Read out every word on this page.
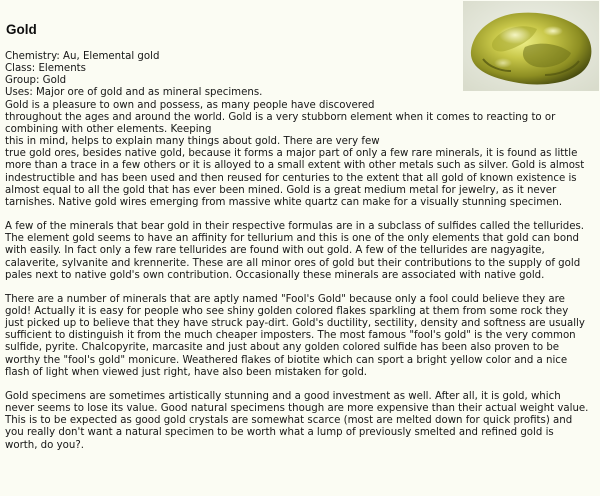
Gold

Chemistry: Au, Elemental gold

Class: Elements

Group: Gold

Uses: Major ore of gold and as mineral specimens.

Gold is a pleasure to own and possess, as many people have discovered

throughout the ages and around the world. Gold is a very stubborn element when it comes to reacting to or

combining with other elements. Keeping

this in mind, helps to explain many things about gold. There are very few

true gold ores, besides native gold, because it forms a major part of only a few rare minerals, it is found as little

more than a trace in a few others or it is alloyed to a small extent with other metals such as silver. Gold is almost

indestructible and has been used and then reused for centuries to the extent that all gold of known existence is

almost equal to all the gold that has ever been mined. Gold is a great medium metal for jewelry, as it never

tarnishes. Native gold wires emerging from massive white quartz can make for a visually stunning specimen.

A few of the minerals that bear gold in their respective formulas are in a subclass of sulfides called the tellurides.

The element gold seems to have an affinity for tellurium and this is one of the only elements that gold can bond

with easily. In fact only a few rare tellurides are found with out gold. A few of the tellurides are nagyagite,

calaverite, sylvanite and krennerite. These are all minor ores of gold but their contributions to the supply of gold

pales next to native gold's own contribution. Occasionally these minerals are associated with native gold.

There are a number of minerals that are aptly named "Fool's Gold" because only a fool could believe they are

gold! Actually it is easy for people who see shiny golden colored flakes sparkling at them from some rock they

just picked up to believe that they have struck pay-dirt. Gold's ductility, sectility, density and softness are usually

sufficient to distinguish it from the much cheaper imposters. The most famous "fool's gold" is the very common

sulfide, pyrite. Chalcopyrite, marcasite and just about any golden colored sulfide has been also proven to be

worthy the "fool's gold" monicure. Weathered flakes of biotite which can sport a bright yellow color and a nice

flash of light when viewed just right, have also been mistaken for gold.

Gold specimens are sometimes artistically stunning and a good investment as well. After all, it is gold, which

never seems to lose its value. Good natural specimens though are more expensive than their actual weight value.

This is to be expected as good gold crystals are somewhat scarce (most are melted down for quick profits) and

you really don't want a natural specimen to be worth what a lump of previously smelted and refined gold is

worth, do you?.
